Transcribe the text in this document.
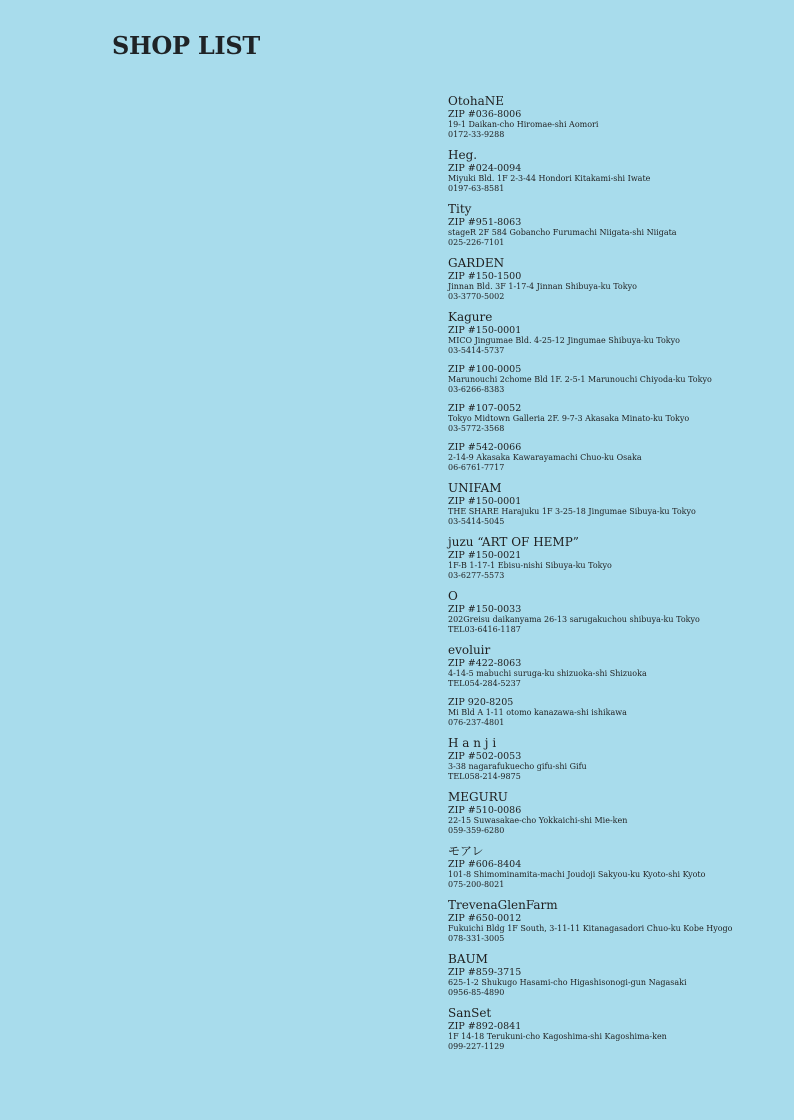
SHOP LIST
OtohaNE
ZIP #036-8006
19-1 Daikan-cho Hiromae-shi Aomori
0172-33-9288
Heg.
ZIP #024-0094
Miyuki Bld. 1F 2-3-44 Hondori Kitakami-shi Iwate
0197-63-8581
Tity
ZIP #951-8063
stageR 2F 584 Gobancho Furumachi Niigata-shi Niigata
025-226-7101
GARDEN
ZIP #150-1500
Jinnan Bld. 3F 1-17-4 Jinnan Shibuya-ku Tokyo
03-3770-5002
Kagure
ZIP #150-0001
MICO Jingumae Bld. 4-25-12 Jingumae Shibuya-ku Tokyo
03-5414-5737
ZIP #100-0005
Marunouchi 2chome Bld 1F. 2-5-1 Marunouchi Chiyoda-ku Tokyo
03-6266-8383
ZIP #107-0052
Tokyo Midtown Galleria 2F. 9-7-3 Akasaka Minato-ku Tokyo
03-5772-3568
ZIP #542-0066
2-14-9 Akasaka Kawarayamachi Chuo-ku Osaka
06-6761-7717
UNIFAM
ZIP #150-0001
THE SHARE Harajuku 1F 3-25-18 Jingumae Sibuya-ku Tokyo
03-5414-5045
juzu “ART OF HEMP”
ZIP #150-0021
1F-B 1-17-1 Ebisu-nishi Sibuya-ku Tokyo
03-6277-5573
O
ZIP #150-0033
202Greisu daikanyama 26-13 sarugakuchou shibuya-ku Tokyo
TEL03-6416-1187
evoluir
ZIP #422-8063
4-14-5 mabuchi suruga-ku shizuoka-shi Shizuoka
TEL054-284-5237
ZIP 920-8205
Mi Bld A 1-11 otomo kanazawa-shi ishikawa
076-237-4801
H a n j i
ZIP #502-0053
3-38 nagarafukuecho gifu-shi Gifu
TEL058-214-9875
MEGURU
ZIP #510-0086
22-15 Suwasakae-cho Yokkaichi-shi Mie-ken
059-359-6280
モアレ
ZIP #606-8404
101-8 Shimominamita-machi Joudoji Sakyou-ku Kyoto-shi Kyoto
075-200-8021
TrevenaGlenFarm
ZIP #650-0012
Fukuichi Bldg 1F South, 3-11-11 Kitanagasadori Chuo-ku Kobe Hyogo
078-331-3005
BAUM
ZIP #859-3715
625-1-2 Shukugo Hasami-cho Higashisonogi-gun Nagasaki
0956-85-4890
SanSet
ZIP #892-0841
1F 14-18 Terukuni-cho Kagoshima-shi Kagoshima-ken
099-227-1129
